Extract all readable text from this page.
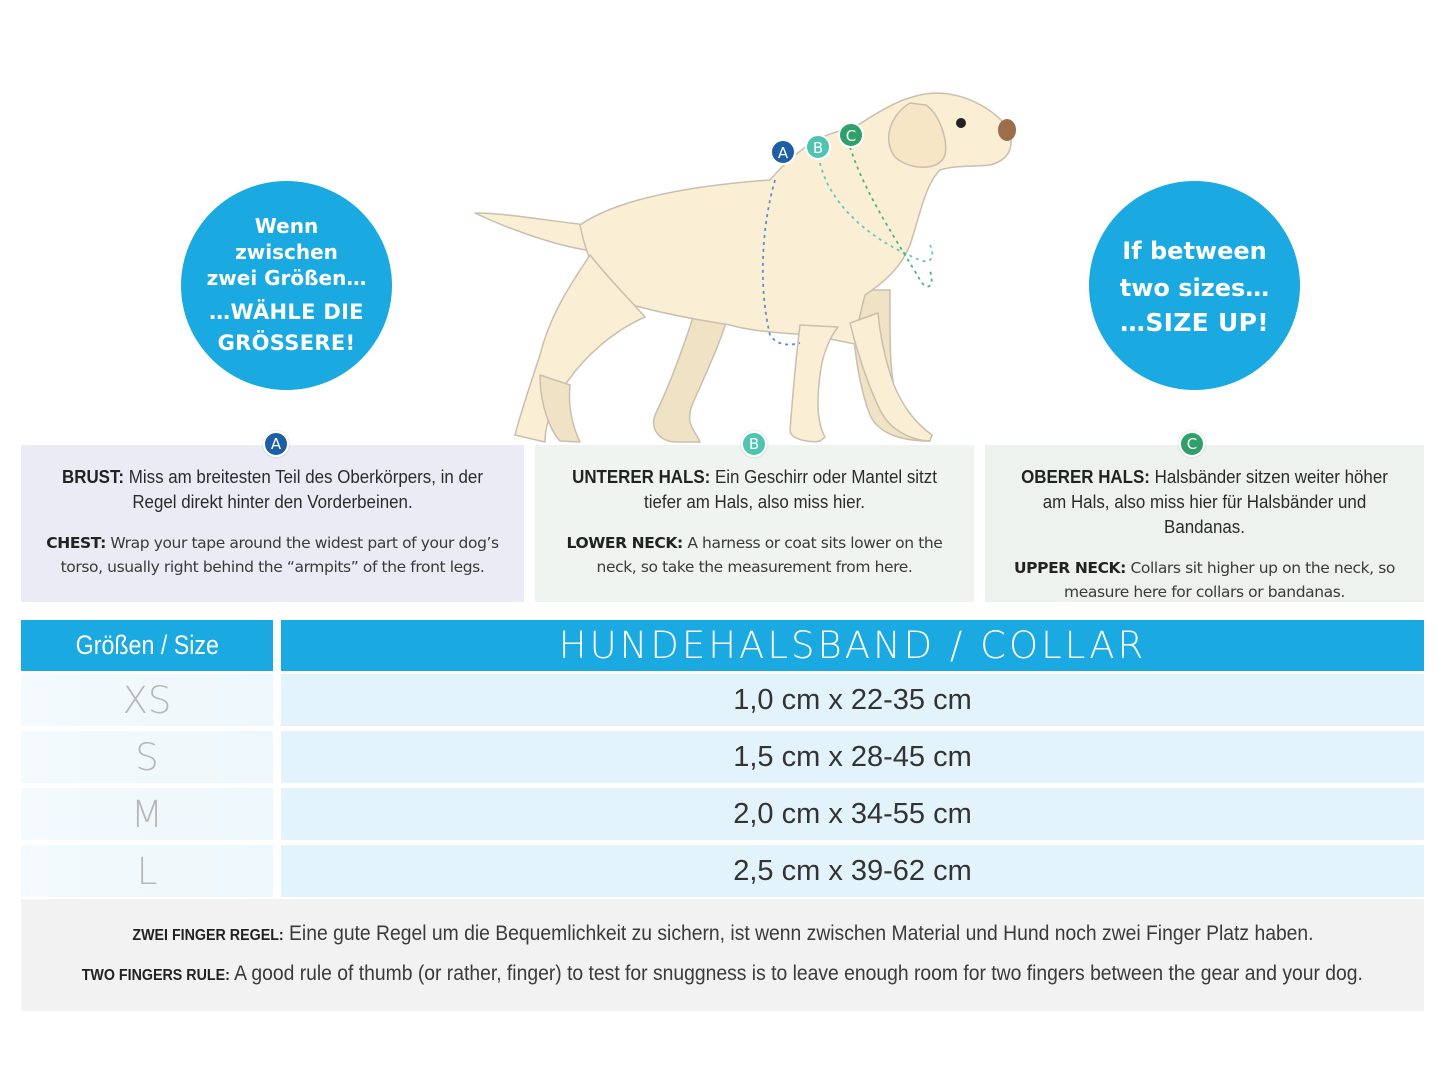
Wenn
zwischen
zwei Größen…
…WÄHLE DIE
GRÖSSERE!
If between
two sizes…
…SIZE UP!
A B
C
BRUST: Miss am breitesten Teil des Oberkörpers, in der Regel direkt hinter den Vorderbeinen.
CHEST: Wrap your tape around the widest part of your dog’s torso, usually right behind the “armpits” of the front legs.
UNTERER HALS: Ein Geschirr oder Mantel sitzt tiefer am Hals, also miss hier.
LOWER NECK: A harness or coat sits lower on the neck, so take the measurement from here.
OBERER HALS: Halsbänder sitzen weiter höher am Hals, also miss hier für Halsbänder und Bandanas.
UPPER NECK: Collars sit higher up on the neck, so measure here for collars or bandanas.
A	B	C
Größen / Size	HUNDEHALSBAND / COLLAR
XS	1,0 cm x 22-35 cm
S	1,5 cm x 28-45 cm
M	2,0 cm x 34-55 cm
L	2,5 cm x 39-62 cm

ZWEI FINGER REGEL: Eine gute Regel um die Bequemlichkeit zu sichern, ist wenn zwischen Material und Hund noch zwei Finger Platz haben.

TWO FINGERS RULE: A good rule of thumb (or rather, finger) to test for snuggness is to leave enough room for two fingers between the gear and your dog.
